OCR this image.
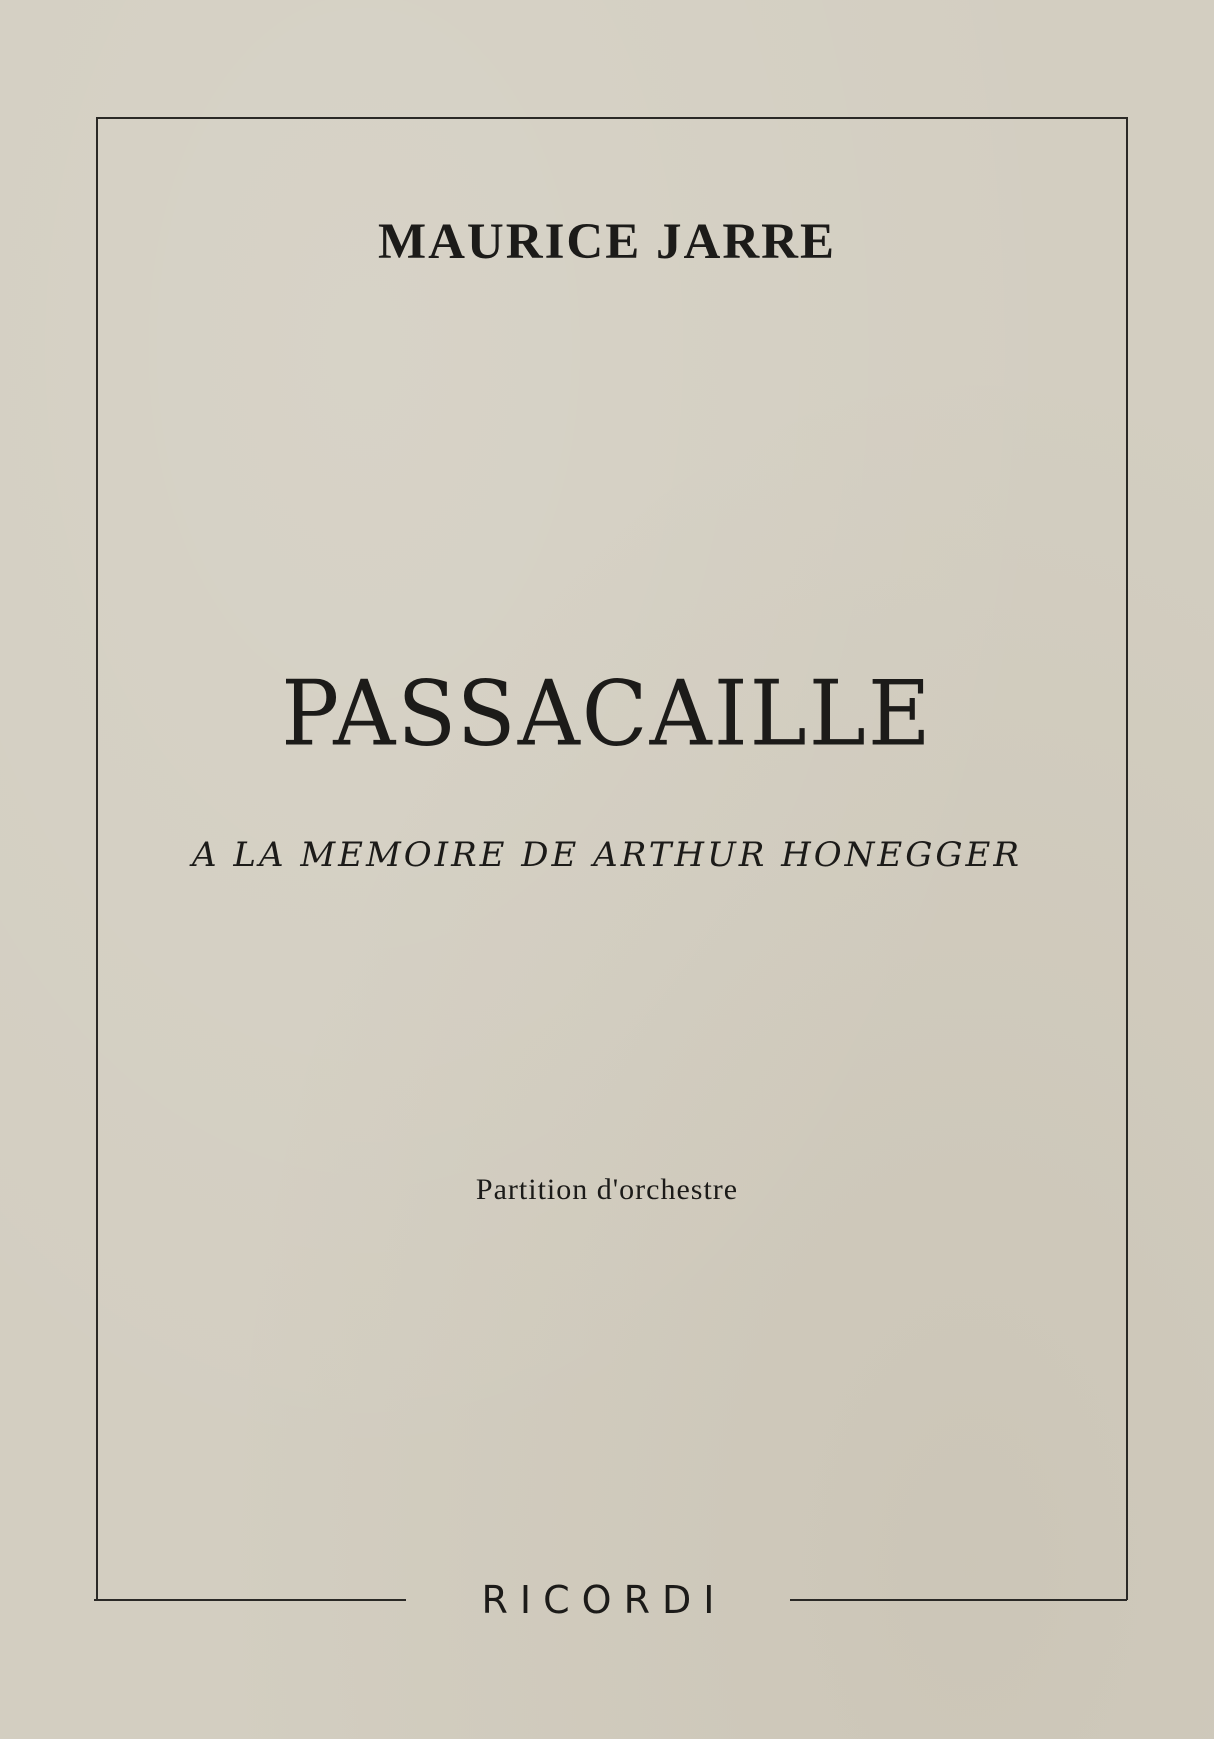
MAURICE JARRE
PASSACAILLE
A LA MEMOIRE DE ARTHUR HONEGGER
Partition d'orchestre
RICORDI
